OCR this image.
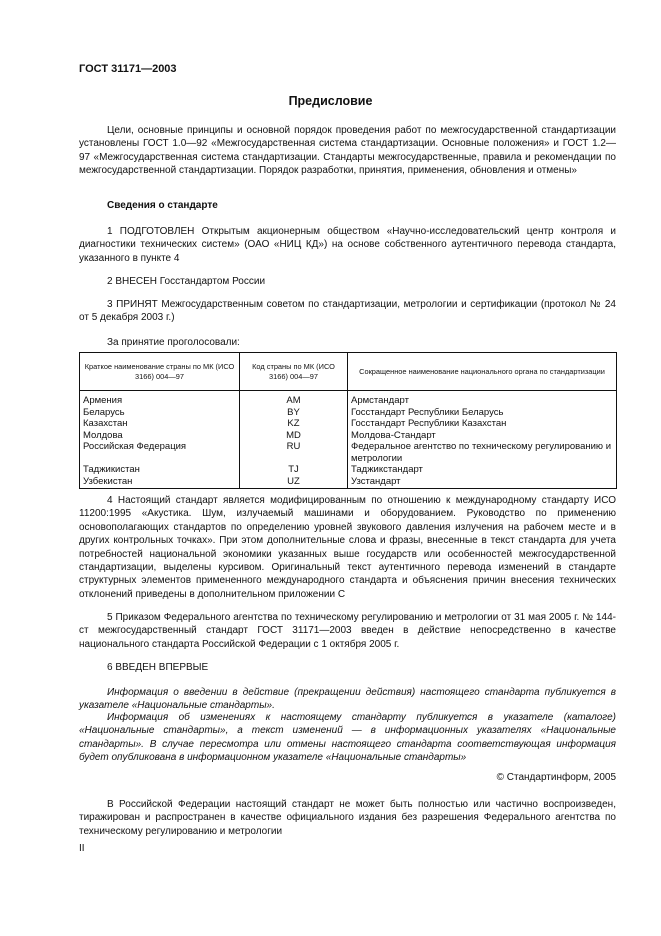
ГОСТ 31171—2003
Предисловие
Цели, основные принципы и основной порядок проведения работ по межгосударственной стандартизации установлены ГОСТ 1.0—92 «Межгосударственная система стандартизации. Основные положения» и ГОСТ 1.2—97 «Межгосударственная система стандартизации. Стандарты межгосударственные, правила и рекомендации по межгосударственной стандартизации. Порядок разработки, принятия, применения, обновления и отмены»
Сведения о стандарте
1 ПОДГОТОВЛЕН Открытым акционерным обществом «Научно-исследовательский центр контроля и диагностики технических систем» (ОАО «НИЦ КД») на основе собственного аутентичного перевода стандарта, указанного в пункте 4
2 ВНЕСЕН Госстандартом России
3 ПРИНЯТ Межгосударственным советом по стандартизации, метрологии и сертификации (протокол № 24 от 5 декабря 2003 г.)
За принятие проголосовали:
Краткое наименование страны по МК (ИСО 3166) 004—97	Код страны по МК (ИСО 3166) 004—97	Сокращенное наименование национального органа по стандартизации
Армения	AM	Армстандарт
Беларусь	BY	Госстандарт Республики Беларусь
Казахстан	KZ	Госстандарт Республики Казахстан
Молдова	MD	Молдова-Стандарт
Российская Федерация	RU	Федеральное агентство по техническому регулированию и метрологии
Таджикистан	TJ	Таджикстандарт
Узбекистан	UZ	Узстандарт
4 Настоящий стандарт является модифицированным по отношению к международному стандарту ИСО 11200:1995 «Акустика. Шум, излучаемый машинами и оборудованием. Руководство по применению основополагающих стандартов по определению уровней звукового давления излучения на рабочем месте и в других контрольных точках». При этом дополнительные слова и фразы, внесенные в текст стандарта для учета потребностей национальной экономики указанных выше государств или особенностей межгосударственной стандартизации, выделены курсивом. Оригинальный текст аутентичного перевода изменений в стандарте структурных элементов примененного международного стандарта и объяснения причин внесения технических отклонений приведены в дополнительном приложении С
5 Приказом Федерального агентства по техническому регулированию и метрологии от 31 мая 2005 г. № 144-ст межгосударственный стандарт ГОСТ 31171—2003 введен в действие непосредственно в качестве национального стандарта Российской Федерации с 1 октября 2005 г.
6 ВВЕДЕН ВПЕРВЫЕ
Информация о введении в действие (прекращении действия) настоящего стандарта публикуется в указателе «Национальные стандарты».
Информация об изменениях к настоящему стандарту публикуется в указателе (каталоге) «Национальные стандарты», а текст изменений — в информационных указателях «Национальные стандарты». В случае пересмотра или отмены настоящего стандарта соответствующая информация будет опубликована в информационном указателе «Национальные стандарты»
© Стандартинформ, 2005
В Российской Федерации настоящий стандарт не может быть полностью или частично воспроизведен, тиражирован и распространен в качестве официального издания без разрешения Федерального агентства по техническому регулированию и метрологии
II
